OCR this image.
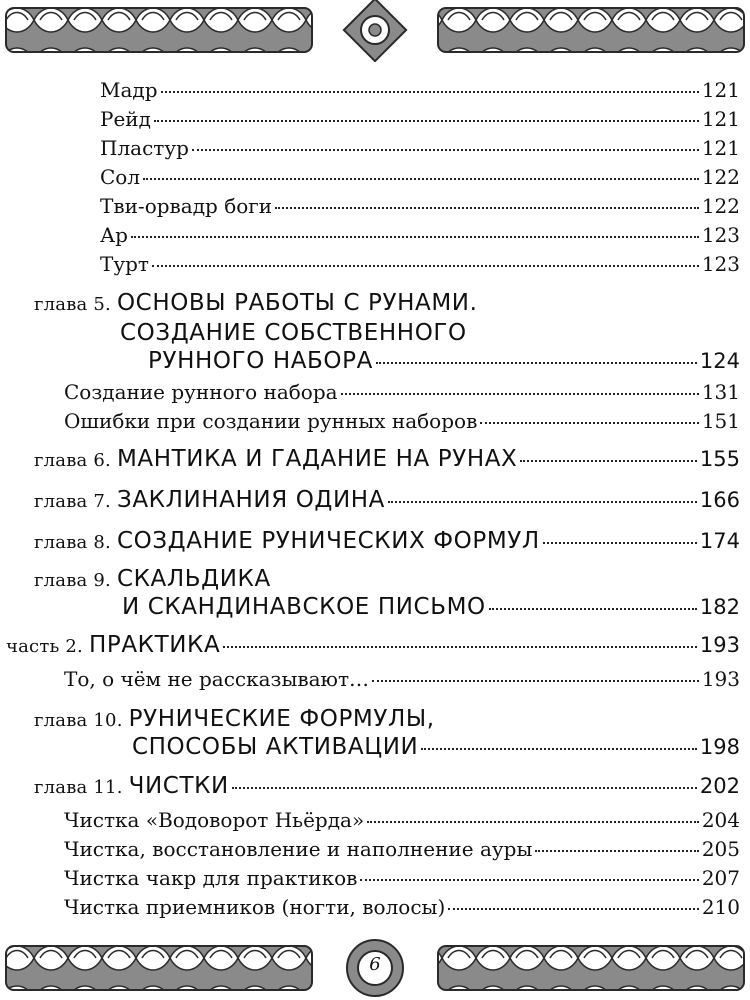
Мадр	121
Рейд	121
Пластур	121
Сол	122
Тви-орвадр боги	122
Ар	123
Турт	123
глава 5. ОСНОВЫ РАБОТЫ С РУНАМИ.
СОЗДАНИЕ СОБСТВЕННОГО
РУННОГО НАБОРА	124
Создание рунного набора	131
Ошибки при создании рунных наборов	151
глава 6. МАНТИКА И ГАДАНИЕ НА РУНАХ	155
глава 7. ЗАКЛИНАНИЯ ОДИНА	166
глава 8. СОЗДАНИЕ РУНИЧЕСКИХ ФОРМУЛ	174
глава 9. СКАЛЬДИКА
И СКАНДИНАВСКОЕ ПИСЬМО	182
часть 2. ПРАКТИКА	193
То, о чём не рассказывают…	193
глава 10. РУНИЧЕСКИЕ ФОРМУЛЫ,
СПОСОБЫ АКТИВАЦИИ	198
глава 11. ЧИСТКИ	202
Чистка «Водоворот Ньёрда»	204
Чистка, восстановление и наполнение ауры	205
Чистка чакр для практиков	207
Чистка приемников (ногти, волосы)	210
6
